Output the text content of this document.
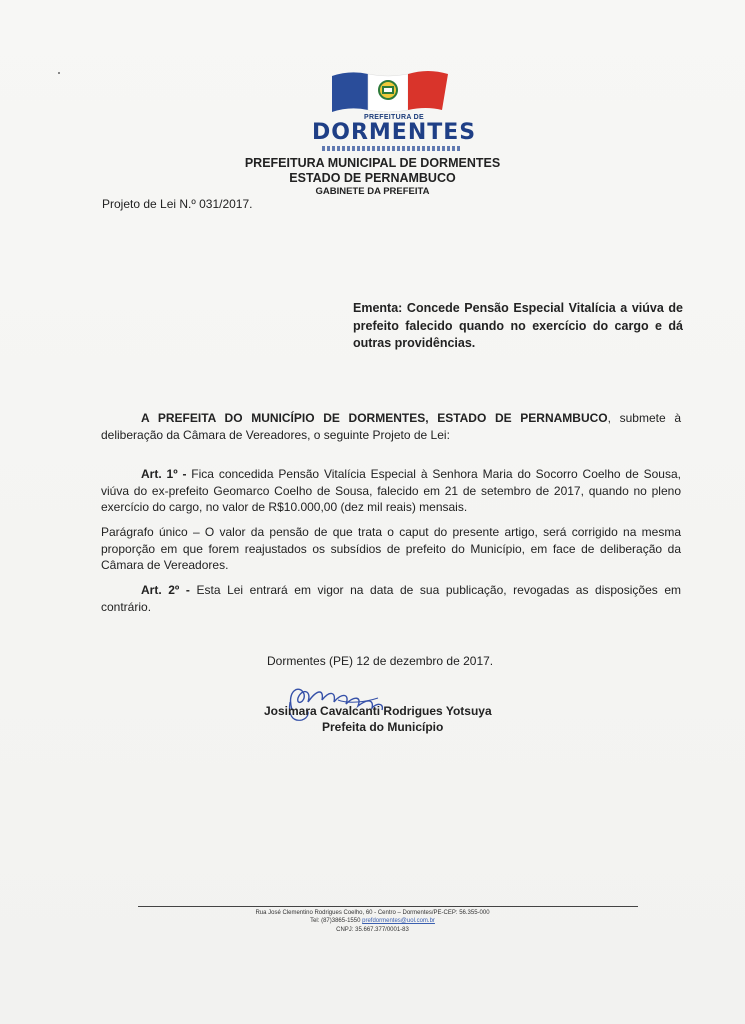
PREFEITURA DE
DORMENTES
PREFEITURA MUNICIPAL DE DORMENTES
ESTADO DE PERNAMBUCO
GABINETE DA PREFEITA
Projeto de Lei N.º 031/2017.
Ementa: Concede Pensão Especial Vitalícia a viúva de prefeito falecido quando no exercício do cargo e dá outras providências.
A PREFEITA DO MUNICÍPIO DE DORMENTES, ESTADO DE PERNAMBUCO, submete à deliberação da Câmara de Vereadores, o seguinte Projeto de Lei:
Art. 1º - Fica concedida Pensão Vitalícia Especial à Senhora Maria do Socorro Coelho de Sousa, viúva do ex-prefeito Geomarco Coelho de Sousa, falecido em 21 de setembro de 2017, quando no pleno exercício do cargo, no valor de R$10.000,00 (dez mil reais) mensais.
Parágrafo único – O valor da pensão de que trata o caput do presente artigo, será corrigido na mesma proporção em que forem reajustados os subsídios de prefeito do Município, em face de deliberação da Câmara de Vereadores.
Art. 2º - Esta Lei entrará em vigor na data de sua publicação, revogadas as disposições em contrário.
Dormentes (PE) 12 de dezembro de 2017.
Josimara Cavalcanti Rodrigues Yotsuya
Prefeita do Município
Rua José Clementino Rodrigues Coelho, 60 - Centro – Dormentes/PE-CEP: 56.355-000
Tel: (87)3865-1550 prefdormentes@uol.com.br
CNPJ: 35.667.377/0001-83
